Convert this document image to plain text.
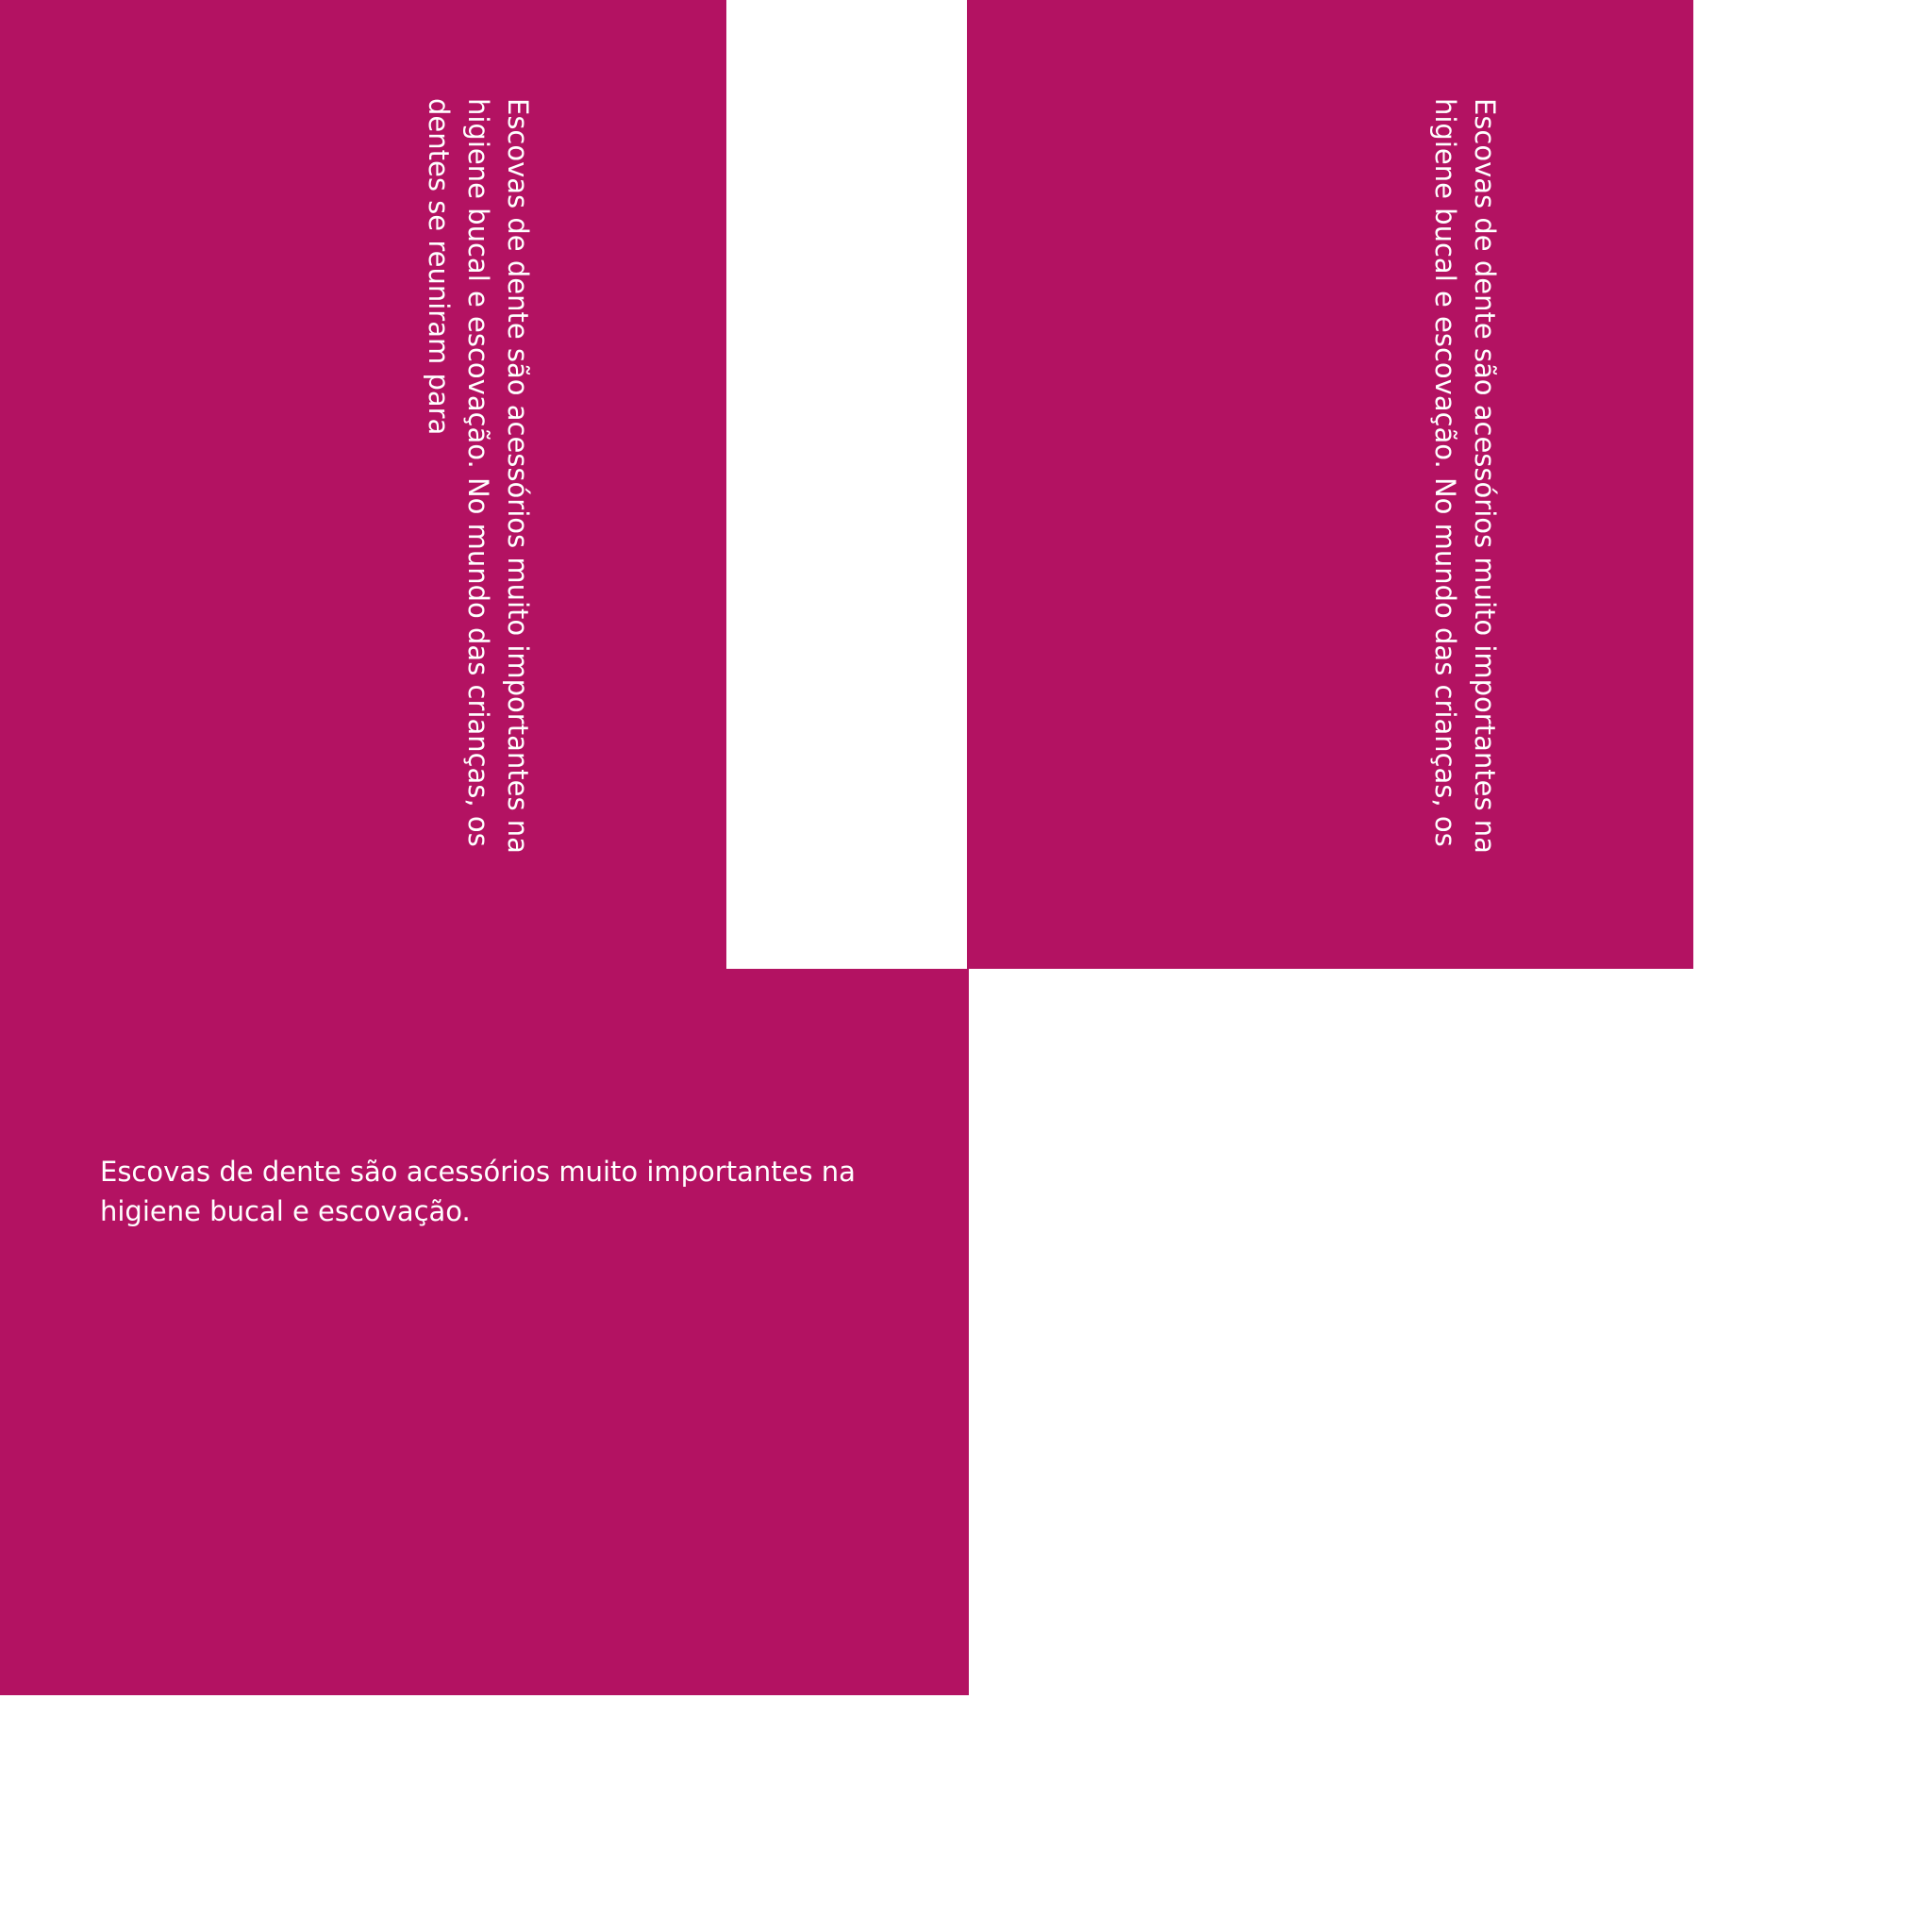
Escovas de dente são acessórios muito importantes na higiene bucal e escovação. No mundo das crianças, os dentes se reuniram para	Escovas de dente são acessórios muito importantes na higiene bucal e escovação. No mundo das crianças, os
Escovas de dente são acessórios muito importantes na higiene bucal e escovação.
